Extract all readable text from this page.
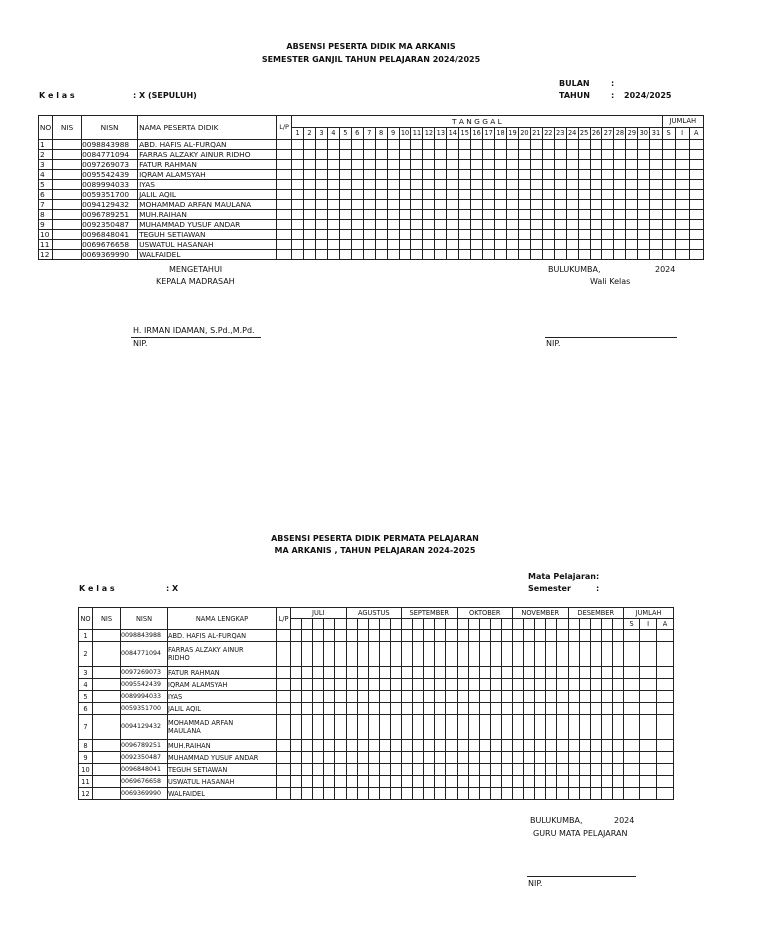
ABSENSI PESERTA DIDIK MA ARKANIS
SEMESTER GANJIL TAHUN PELAJARAN 2024/2025
BULAN	:
K e l a s	: X (SEPULUH)	TAHUN	: 2024/2025
NO	NIS	NISN	NAMA PESERTA DIDIK	L/P	T A N G G A L																															JUMLAH		
					1	2	3	4	5	6	7	8	9	10	11	12	13	14	15	16	17	18	19	20	21	22	23	24	25	26	27	28	29	30	31	S	I	A
1		0098843988	ABD. HAFIS AL-FURQAN																																			
2		0084771094	FARRAS ALZAKY AINUR RIDHO																																			
3		0097269073	FATUR RAHMAN																																			
4		0095542439	IQRAM ALAMSYAH																																			
5		0089994033	IYAS																																			
6		0059351700	JALIL AQIL																																			
7		0094129432	MOHAMMAD ARFAN MAULANA																																			
8		0096789251	MUH.RAIHAN																																			
9		0092350487	MUHAMMAD YUSUF ANDAR																																			
10		0096848041	TEGUH SETIAWAN																																			
11		0069676658	USWATUL HASANAH																																			
12		0069369990	WALFAIDEL																																			
MENGETAHUI
KEPALA MADRASAH
H. IRMAN IDAMAN, S.Pd.,M.Pd.
NIP.
BULUKUMBA,	2024
Wali Kelas
NIP.
ABSENSI PESERTA DIDIK PERMATA PELAJARAN
MA ARKANIS , TAHUN PELAJARAN 2024-2025
Mata Pelajaran :
K e l a s	: X	Semester	:
NO	NIS	NISN	NAMA LENGKAP	L/P	JULI					AGUSTUS					SEPTEMBER					OKTOBER					NOVEMBER					DESEMBER					JUMLAH		
																																			S	I	A
1		0098843988	ABD. HAFIS AL-FURQAN																																		

2		0084771094	FARRAS ALZAKY AINUR
RIDHO																																		

3		0097269073	FATUR RAHMAN																																		

4		0095542439	IQRAM ALAMSYAH																																		

5		0089994033	IYAS																																		

6		0059351700	JALIL AQIL																																		

7		0094129432	MOHAMMAD ARFAN
MAULANA																																		

8		0096789251	MUH.RAIHAN																																		

9		0092350487	MUHAMMAD YUSUF ANDAR																																		

10		0096848041	TEGUH SETIAWAN																																		

11		0069676658	USWATUL HASANAH																																		

12		0069369990	WALFAIDEL																																		

BULUKUMBA,	2024
GURU MATA PELAJARAN
NIP.
